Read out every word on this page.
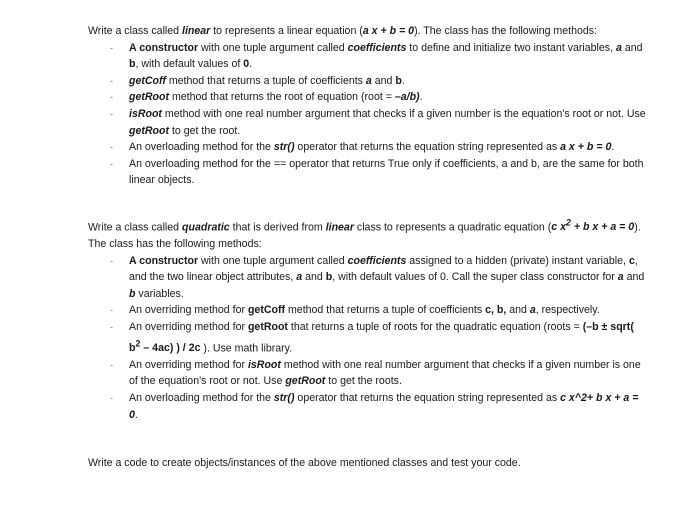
Write a class called linear to represents a linear equation (a x + b = 0). The class has the following methods:

- A constructor with one tuple argument called coefficients to define and initialize two instant variables, a and b, with default values of 0.
- getCoff method that returns a tuple of coefficients a and b.
- getRoot method that returns the root of equation (root = –a/b).
- isRoot method with one real number argument that checks if a given number is the equation's root or not. Use getRoot to get the root.
- An overloading method for the str() operator that returns the equation string represented as a x + b = 0.
- An overloading method for the == operator that returns True only if coefficients, a and b, are the same for both linear objects.

Write a class called quadratic that is derived from linear class to represents a quadratic equation (c $x^2 + b$ x + a = 0). The class has the following methods:

- A constructor with one tuple argument called coefficients assigned to a hidden (private) instant variable, c, and the two linear object attributes, a and b, with default values of 0. Call the super class constructor for a and b variables.
- An overriding method for getCoff method that returns a tuple of coefficients c, b, and a, respectively.
- An overriding method for getRoot that returns a tuple of roots for the quadratic equation (roots = (–b ± sqrt( $b^2 - 4ac$) ) / 2c ). Use math library.
- An overriding method for isRoot method with one real number argument that checks if a given number is one of the equation's root or not. Use getRoot to get the roots.
- An overloading method for the str() operator that returns the equation string represented as c x^2+ b x + a = 0.

Write a code to create objects/instances of the above mentioned classes and test your code.
